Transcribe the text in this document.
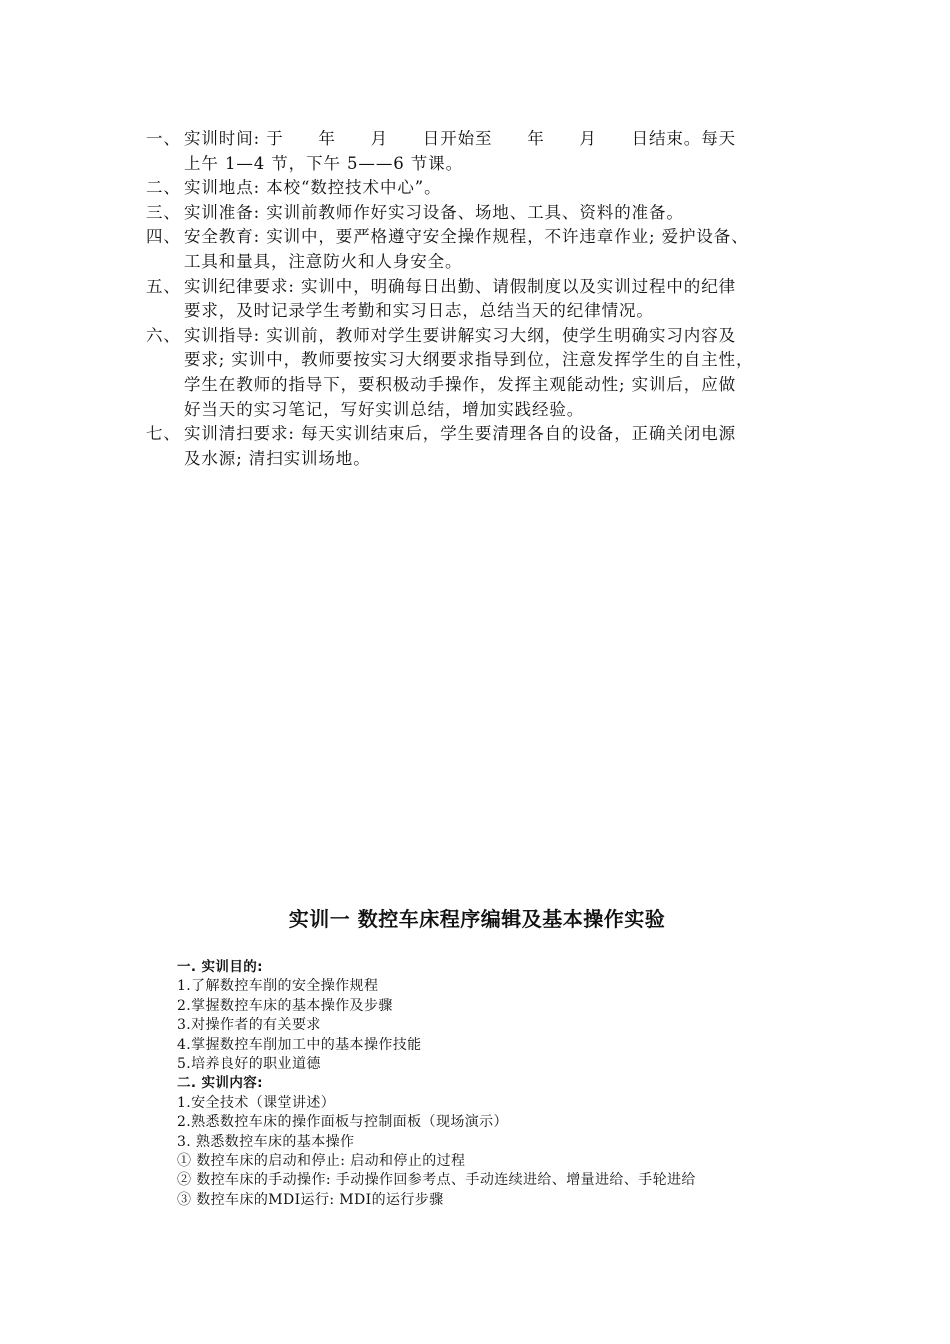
一、 实训时间: 于　　年　　月　　日开始至　　年　　月　　日结束。每天
上午 1—4 节，下午 5——6 节课。
二、 实训地点: 本校“数控技术中心”。
三、 实训准备: 实训前教师作好实习设备、场地、工具、资料的准备。
四、 安全教育: 实训中，要严格遵守安全操作规程，不许违章作业; 爱护设备、
工具和量具，注意防火和人身安全。
五、 实训纪律要求: 实训中，明确每日出勤、请假制度以及实训过程中的纪律
要求，及时记录学生考勤和实习日志，总结当天的纪律情况。
六、 实训指导: 实训前，教师对学生要讲解实习大纲，使学生明确实习内容及
要求; 实训中，教师要按实习大纲要求指导到位，注意发挥学生的自主性，
学生在教师的指导下，要积极动手操作，发挥主观能动性; 实训后，应做
好当天的实习笔记，写好实训总结，增加实践经验。
七、 实训清扫要求: 每天实训结束后，学生要清理各自的设备，正确关闭电源
及水源; 清扫实训场地。
实训一 数控车床程序编辑及基本操作实验
一. 实训目的:
1.了解数控车削的安全操作规程
2.掌握数控车床的基本操作及步骤
3.对操作者的有关要求
4.掌握数控车削加工中的基本操作技能
5.培养良好的职业道德
二. 实训内容:
1.安全技术（课堂讲述）
2.熟悉数控车床的操作面板与控制面板（现场演示）
3. 熟悉数控车床的基本操作
① 数控车床的启动和停止: 启动和停止的过程
② 数控车床的手动操作: 手动操作回参考点、手动连续进给、增量进给、手轮进给
③ 数控车床的MDI运行: MDI的运行步骤
